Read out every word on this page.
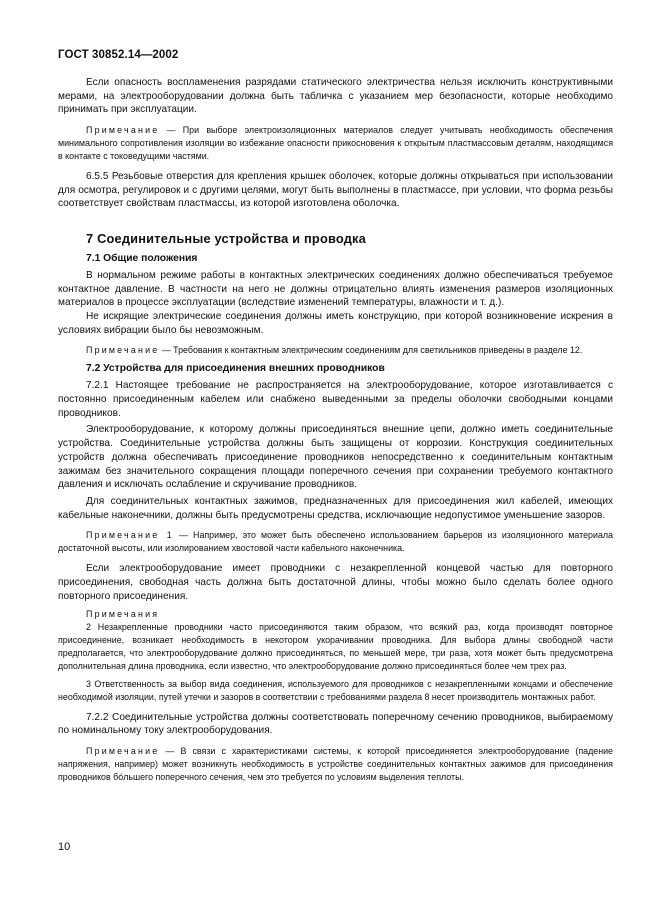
ГОСТ 30852.14—2002

Если опасность воспламенения разрядами статического электричества нельзя исключить конструктивными мерами, на электрооборудовании должна быть табличка с указанием мер безопасности, которые необходимо принимать при эксплуатации.

Примечание — При выборе электроизоляционных материалов следует учитывать необходимость обеспечения минимального сопротивления изоляции во избежание опасности прикосновения к открытым пластмассовым деталям, находящимся в контакте с токоведущими частями.

6.5.5 Резьбовые отверстия для крепления крышек оболочек, которые должны открываться при использовании для осмотра, регулировок и с другими целями, могут быть выполнены в пластмассе, при условии, что форма резьбы соответствует свойствам пластмассы, из которой изготовлена оболочка.

7 Соединительные устройства и проводка
7.1 Общие положения

В нормальном режиме работы в контактных электрических соединениях должно обеспечиваться требуемое контактное давление. В частности на него не должны отрицательно влиять изменения размеров изоляционных материалов в процессе эксплуатации (вследствие изменений температуры, влажности и т. д.).

Не искрящие электрические соединения должны иметь конструкцию, при которой возникновение искрения в условиях вибрации было бы невозможным.

Примечание — Требования к контактным электрическим соединениям для светильников приведены в разделе 12.

7.2 Устройства для присоединения внешних проводников

7.2.1 Настоящее требование не распространяется на электрооборудование, которое изготавливается с постоянно присоединенным кабелем или снабжено выведенными за пределы оболочки свободными концами проводников.

Электрооборудование, к которому должны присоединяться внешние цепи, должно иметь соединительные устройства. Соединительные устройства должны быть защищены от коррозии. Конструкция соединительных устройств должна обеспечивать присоединение проводников непосредственно к соединительным контактным зажимам без значительного сокращения площади поперечного сечения при сохранении требуемого контактного давления и исключать ослабление и скручивание проводников.

Для соединительных контактных зажимов, предназначенных для присоединения жил кабелей, имеющих кабельные наконечники, должны быть предусмотрены средства, исключающие недопустимое уменьшение зазоров.

Примечание 1 — Например, это может быть обеспечено использованием барьеров из изоляционного материала достаточной высоты, или изолированием хвостовой части кабельного наконечника.

Если электрооборудование имеет проводники с незакрепленной концевой частью для повторного присоединения, свободная часть должна быть достаточной длины, чтобы можно было сделать более одного повторного присоединения.

Примечания

2 Незакрепленные проводники часто присоединяются таким образом, что всякий раз, когда производят повторное присоединение, возникает необходимость в некотором укорачивании проводника. Для выбора длины свободной части предполагается, что электрооборудование должно присоединяться, по меньшей мере, три раза, хотя может быть предусмотрена дополнительная длина проводника, если известно, что электрооборудование должно присоединяться более чем трех раз.

3 Ответственность за выбор вида соединения, используемого для проводников с незакрепленными концами и обеспечение необходимой изоляции, путей утечки и зазоров в соответствии с требованиями раздела 8 несет производитель монтажных работ.

7.2.2 Соединительные устройства должны соответствовать поперечному сечению проводников, выбираемому по номинальному току электрооборудования.

Примечание — В связи с характеристиками системы, к которой присоединяется электрооборудование (падение напряжения, например) может возникнуть необходимость в устройстве соединительных контактных зажимов для присоединения проводников бо́льшего поперечного сечения, чем это требуется по условиям выделения теплоты.

10
